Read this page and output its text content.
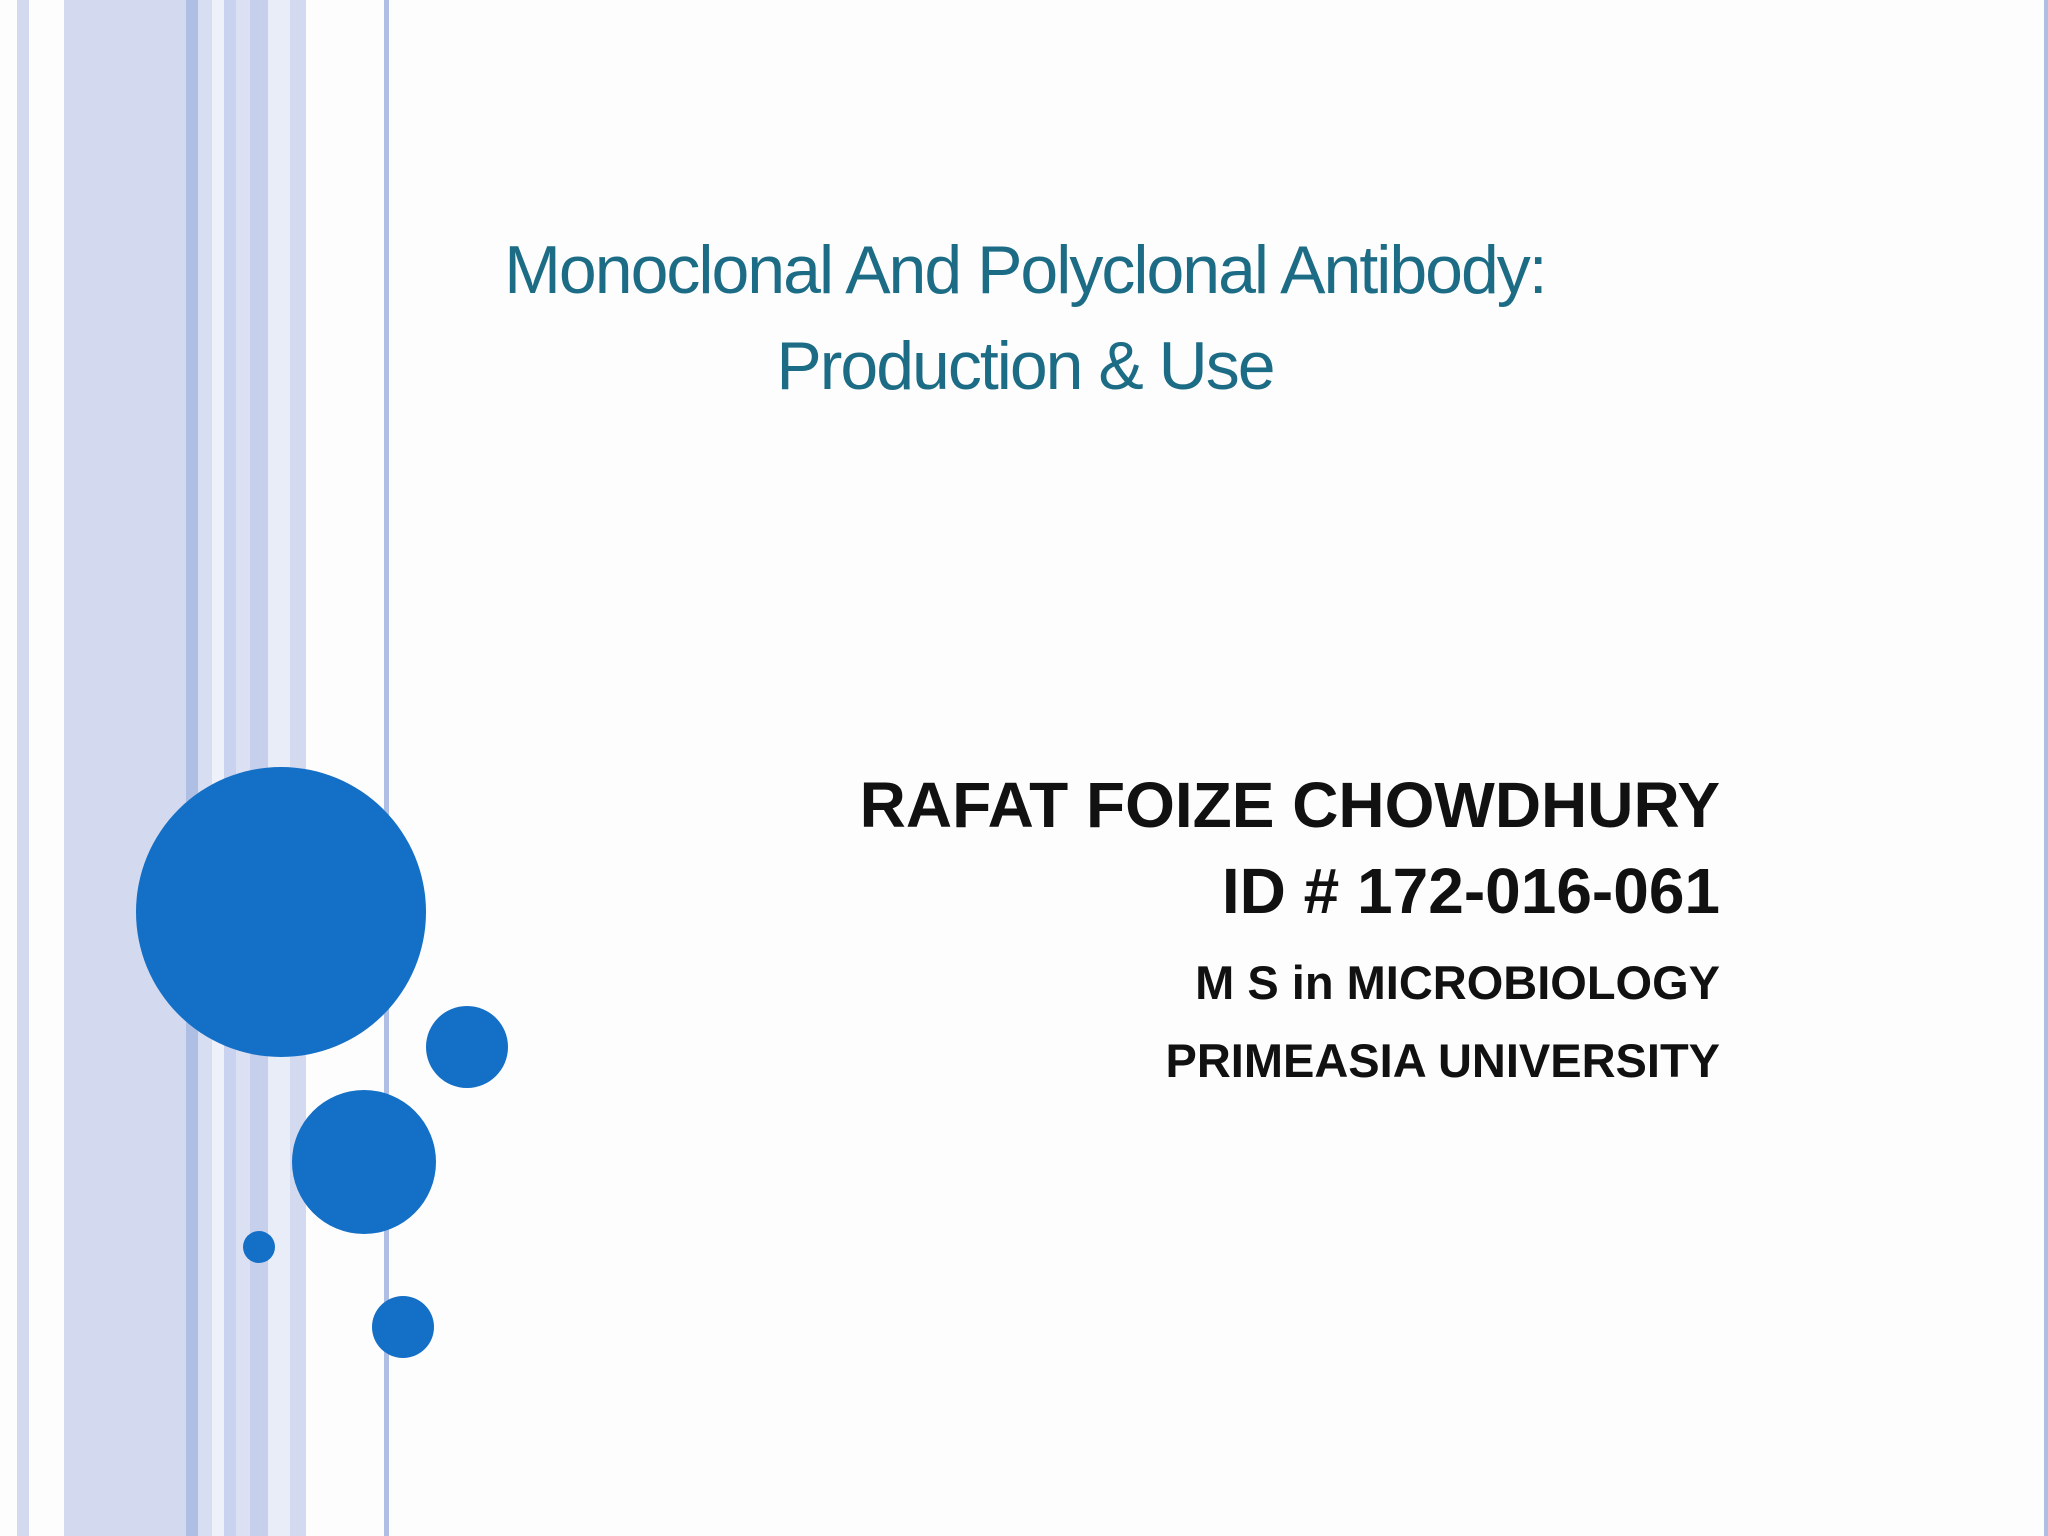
Monoclonal And Polyclonal Antibody:
Production & Use
RAFAT FOIZE CHOWDHURY
ID # 172-016-061
M S in MICROBIOLOGY
PRIMEASIA UNIVERSITY
